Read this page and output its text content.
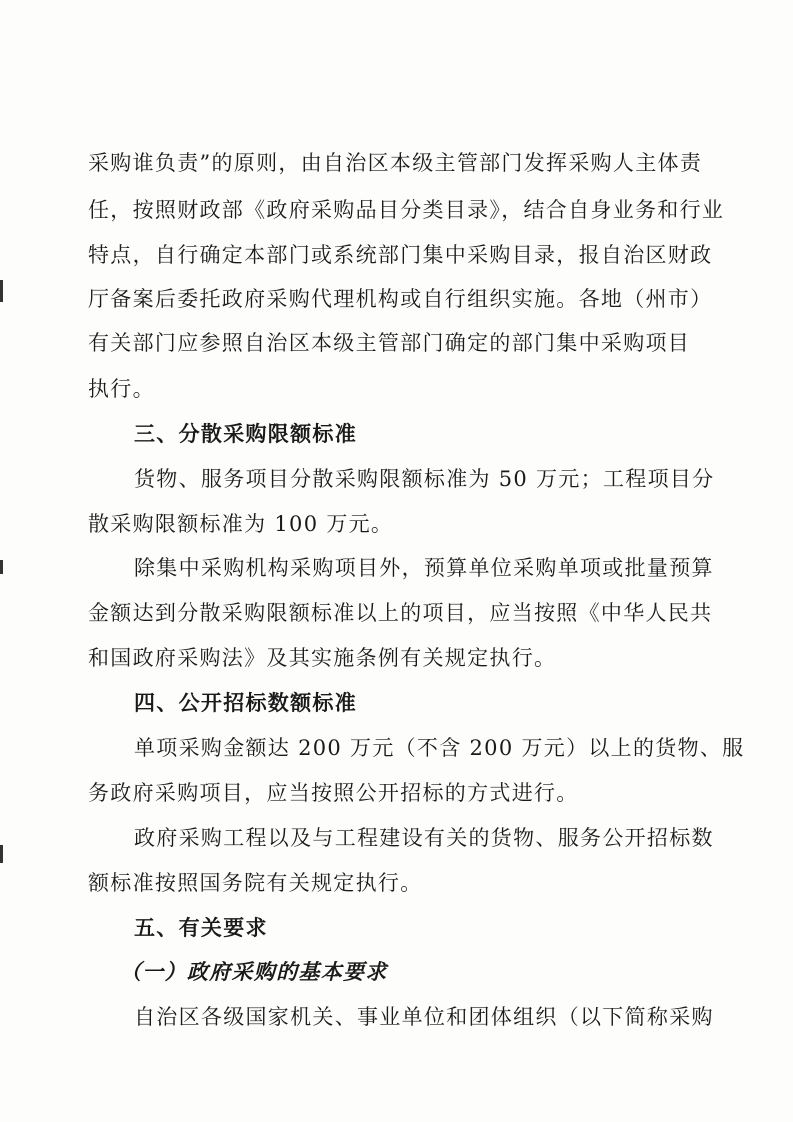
采购谁负责”的原则，由自治区本级主管部门发挥采购人主体责
任，按照财政部《政府采购品目分类目录》，结合自身业务和行业
特点，自行确定本部门或系统部门集中采购目录，报自治区财政
厅备案后委托政府采购代理机构或自行组织实施。各地（州市）
有关部门应参照自治区本级主管部门确定的部门集中采购项目
执行。
三、分散采购限额标准
货物、服务项目分散采购限额标准为 50 万元；工程项目分
散采购限额标准为 100 万元。
除集中采购机构采购项目外，预算单位采购单项或批量预算
金额达到分散采购限额标准以上的项目，应当按照《中华人民共
和国政府采购法》及其实施条例有关规定执行。
四、公开招标数额标准
单项采购金额达 200 万元（不含 200 万元）以上的货物、服
务政府采购项目，应当按照公开招标的方式进行。
政府采购工程以及与工程建设有关的货物、服务公开招标数
额标准按照国务院有关规定执行。
五、有关要求
（一）政府采购的基本要求
自治区各级国家机关、事业单位和团体组织（以下简称采购
